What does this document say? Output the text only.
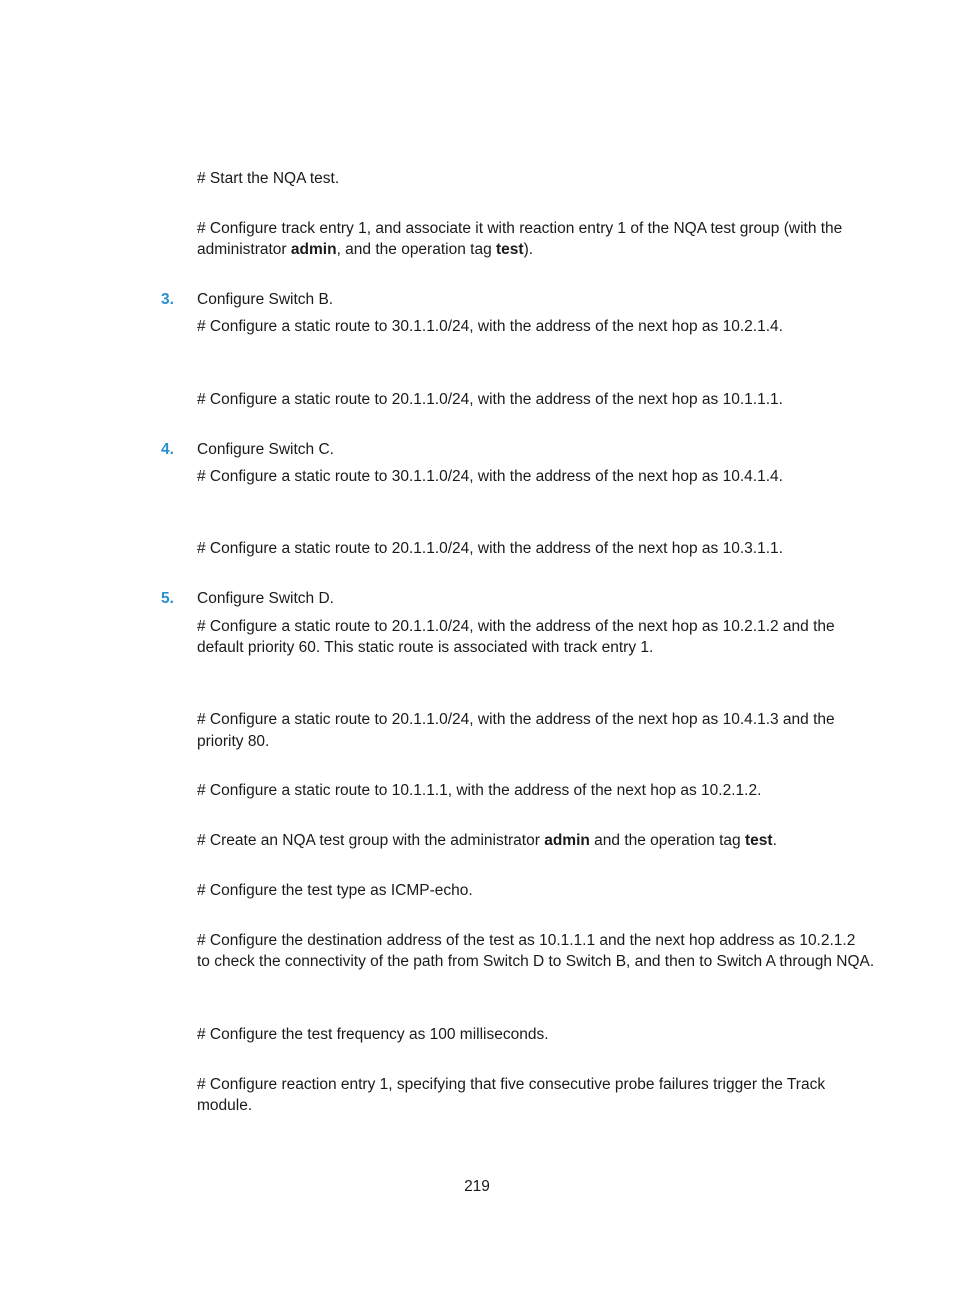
# Start the NQA test.
# Configure track entry 1, and associate it with reaction entry 1 of the NQA test group (with the
administrator admin, and the operation tag test).
3. Configure Switch B.
# Configure a static route to 30.1.1.0/24, with the address of the next hop as 10.2.1.4.
# Configure a static route to 20.1.1.0/24, with the address of the next hop as 10.1.1.1.
4. Configure Switch C.
# Configure a static route to 30.1.1.0/24, with the address of the next hop as 10.4.1.4.
# Configure a static route to 20.1.1.0/24, with the address of the next hop as 10.3.1.1.
5. Configure Switch D.
# Configure a static route to 20.1.1.0/24, with the address of the next hop as 10.2.1.2 and the
default priority 60. This static route is associated with track entry 1.
# Configure a static route to 20.1.1.0/24, with the address of the next hop as 10.4.1.3 and the
priority 80.
# Configure a static route to 10.1.1.1, with the address of the next hop as 10.2.1.2.
# Create an NQA test group with the administrator admin and the operation tag test.
# Configure the test type as ICMP-echo.
# Configure the destination address of the test as 10.1.1.1 and the next hop address as 10.2.1.2
to check the connectivity of the path from Switch D to Switch B, and then to Switch A through NQA.
# Configure the test frequency as 100 milliseconds.
# Configure reaction entry 1, specifying that five consecutive probe failures trigger the Track
module.
219
